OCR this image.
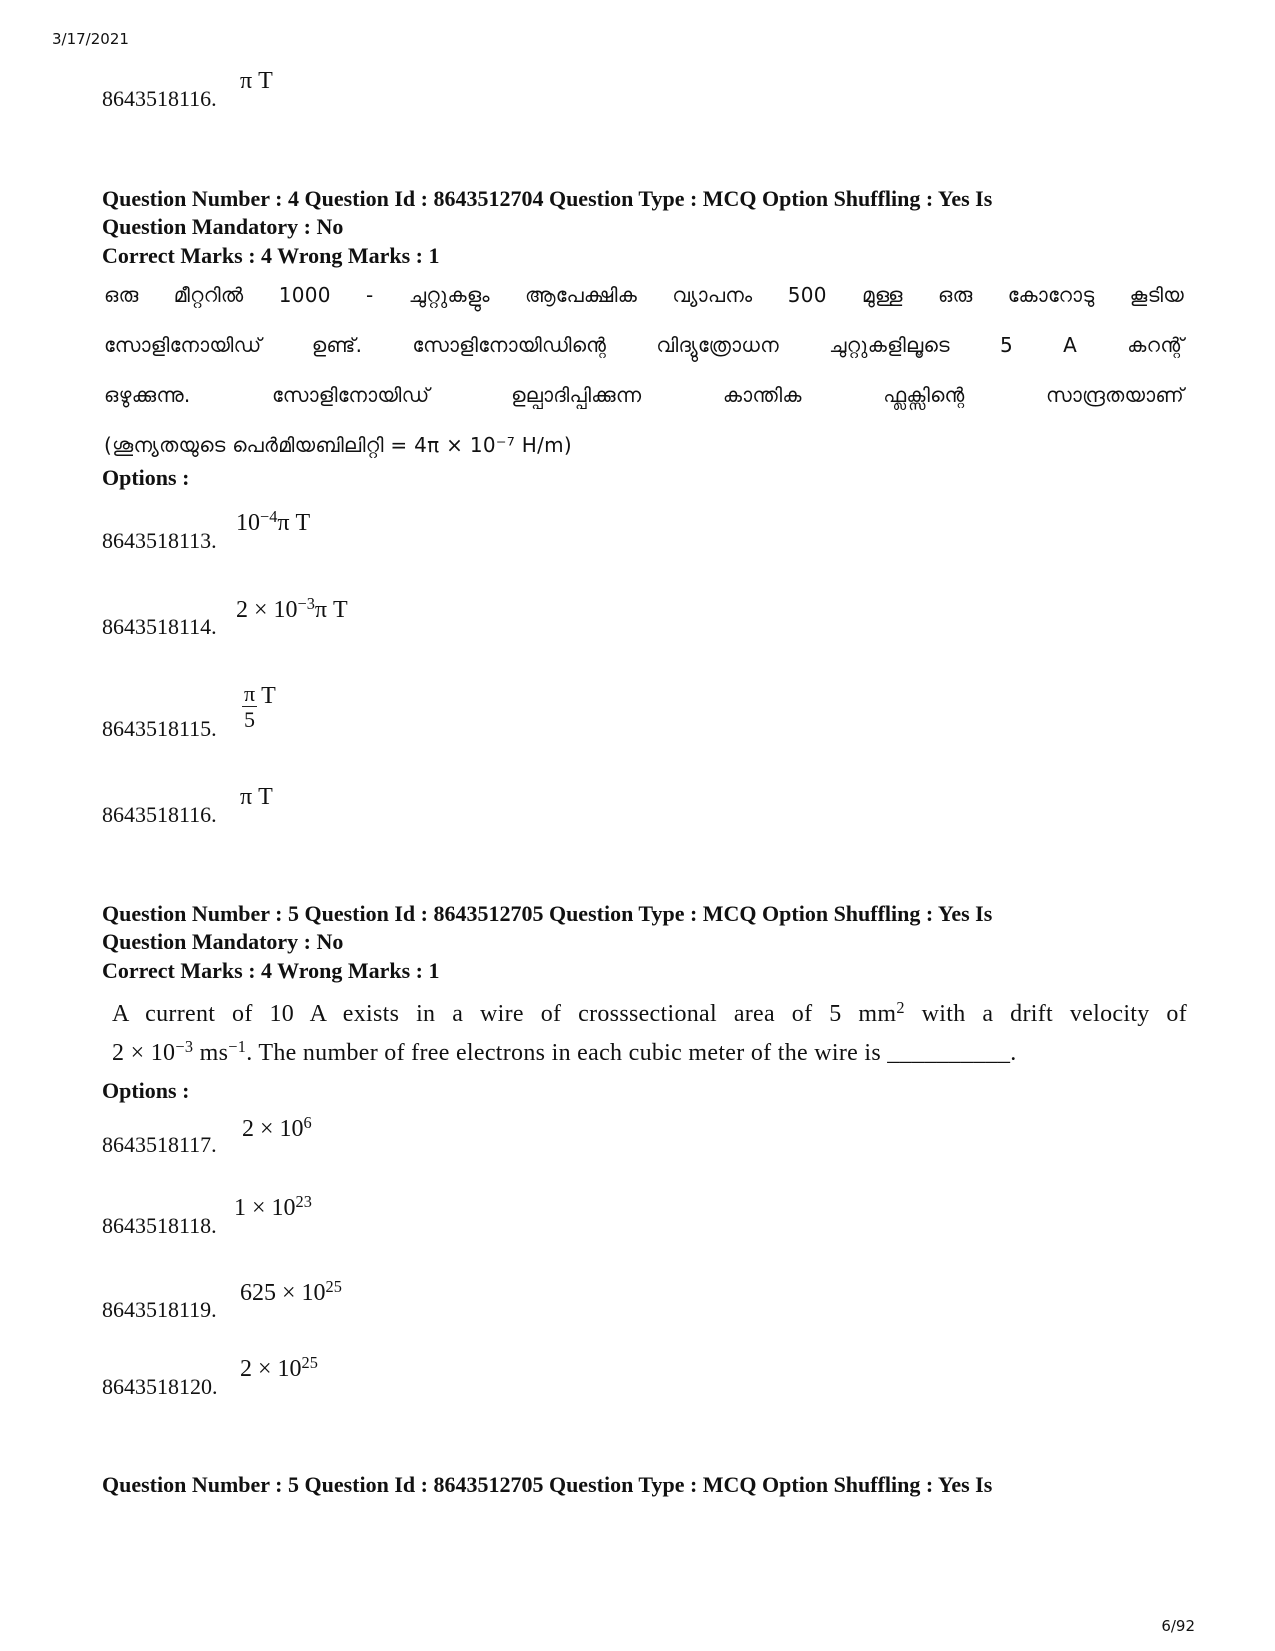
3/17/2021
8643518116.
π T
Question Number : 4 Question Id : 8643512704 Question Type : MCQ Option Shuffling : Yes Is
Question Mandatory : No
Correct Marks : 4 Wrong Marks : 1

ഒരു മീറ്ററിൽ 1000 - ചുറ്റുകളും ആപേക്ഷിക വ്യാപനം 500 മുള്ള ഒരു കോറോടു കൂടിയ

സോളിനോയിഡ് ഉണ്ട്. സോളിനോയിഡിന്റെ വിദ്യുത്രോധന ചുറ്റുകളിലൂടെ 5 A കറന്റ്

ഒഴുക്കുന്നു. സോളിനോയിഡ് ഉല്പാദിപ്പിക്കുന്ന കാന്തിക ഫ്ലക്സിന്റെ സാന്ദ്രതയാണ്

(ശൂന്യതയുടെ പെർമിയബിലിറ്റി = 4π × 10⁻⁷ H/m)

Options :
8643518113.
$10^{-4}\pi$ T
8643518114.
$2 \times 10^{-3}\pi$ T
8643518115. $\frac{\pi}{5}$ T
8643518116.
π T
Question Number : 5 Question Id : 8643512705 Question Type : MCQ Option Shuffling : Yes Is
Question Mandatory : No
Correct Marks : 4 Wrong Marks : 1

A current of 10 A exists in a wire of crosssectional area of 5 $mm^2$ with a drift velocity of

$2 \times 10^{-3}$ $ms^{-1}$. The number of free electrons in each cubic meter of the wire is __________.

Options :
8643518117.
$2 \times 10^6$
8643518118.
$1 \times 10^{23}$
8643518119.
$625 \times 10^{25}$
8643518120.
$2 \times 10^{25}$
Question Number : 5 Question Id : 8643512705 Question Type : MCQ Option Shuffling : Yes Is
6/92
